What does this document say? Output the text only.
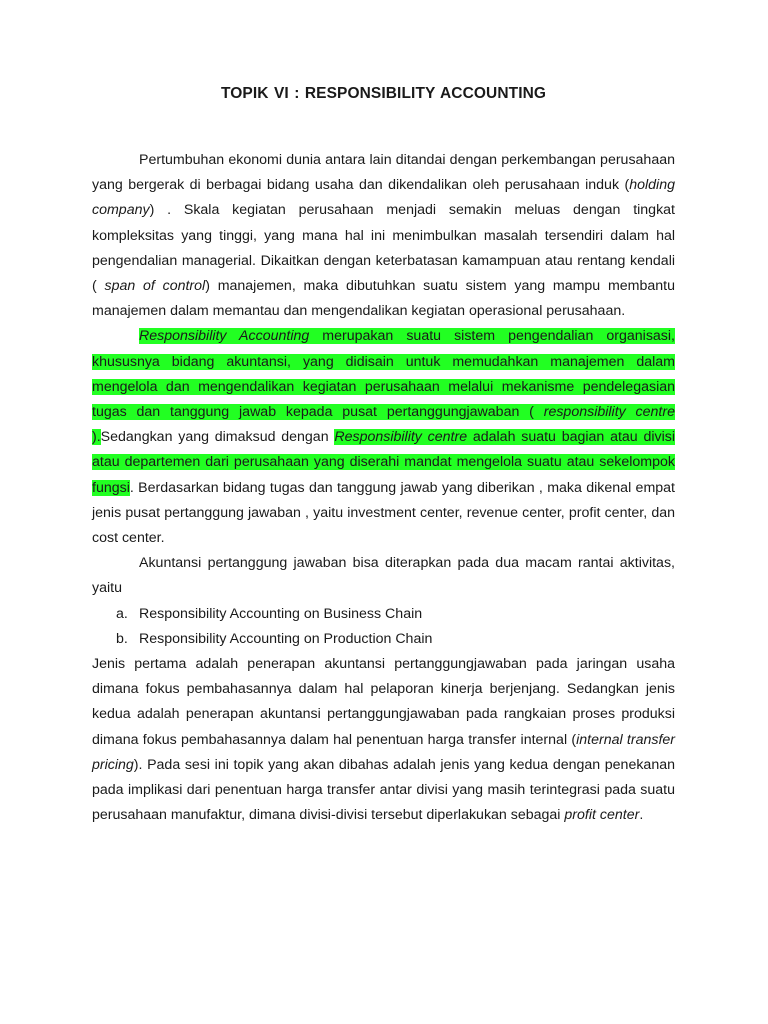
TOPIK VI : RESPONSIBILITY ACCOUNTING

Pertumbuhan ekonomi dunia antara lain ditandai dengan perkembangan perusahaan yang bergerak di berbagai bidang usaha dan dikendalikan oleh perusahaan induk (holding company) . Skala kegiatan perusahaan menjadi semakin meluas dengan tingkat kompleksitas yang tinggi, yang mana hal ini menimbulkan masalah tersendiri dalam hal pengendalian managerial. Dikaitkan dengan keterbatasan kamampuan atau rentang kendali ( span of control) manajemen, maka dibutuhkan suatu sistem yang mampu membantu manajemen dalam memantau dan mengendalikan kegiatan operasional perusahaan.

Responsibility Accounting merupakan suatu sistem pengendalian organisasi, khususnya bidang akuntansi, yang didisain untuk memudahkan manajemen dalam mengelola dan mengendalikan kegiatan perusahaan melalui mekanisme pendelegasian tugas dan tanggung jawab kepada pusat pertanggungjawaban ( responsibility centre ).Sedangkan yang dimaksud dengan Responsibility centre adalah suatu bagian atau divisi atau departemen dari perusahaan yang diserahi mandat mengelola suatu atau sekelompok fungsi. Berdasarkan bidang tugas dan tanggung jawab yang diberikan , maka dikenal empat jenis pusat pertanggung jawaban , yaitu investment center, revenue center, profit center, dan cost center.

Akuntansi pertanggung jawaban bisa diterapkan pada dua macam rantai aktivitas, yaitu

a. Responsibility Accounting on Business Chain
b. Responsibility Accounting on Production Chain

Jenis pertama adalah penerapan akuntansi pertanggungjawaban pada jaringan usaha dimana fokus pembahasannya dalam hal pelaporan kinerja berjenjang. Sedangkan jenis kedua adalah penerapan akuntansi pertanggungjawaban pada rangkaian proses produksi dimana fokus pembahasannya dalam hal penentuan harga transfer internal (internal transfer pricing). Pada sesi ini topik yang akan dibahas adalah jenis yang kedua dengan penekanan pada implikasi dari penentuan harga transfer antar divisi yang masih terintegrasi pada suatu perusahaan manufaktur, dimana divisi-divisi tersebut diperlakukan sebagai profit center.
